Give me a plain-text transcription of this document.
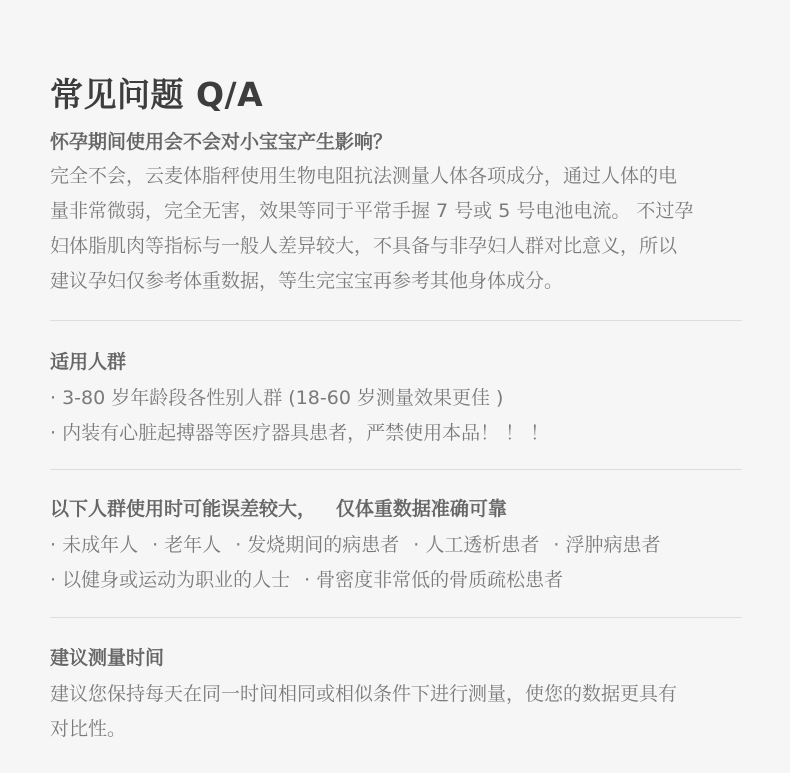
常见问题 Q/A
怀孕期间使用会不会对小宝宝产生影响？

完全不会，云麦体脂秤使用生物电阻抗法测量人体各项成分，通过人体的电

量非常微弱，完全无害，效果等同于平常手握 7 号或 5 号电池电流。 不过孕

妇体脂肌肉等指标与一般人差异较大，不具备与非孕妇人群对比意义，所以

建议孕妇仅参考体重数据，等生完宝宝再参考其他身体成分。

适用人群

· 3-80 岁年龄段各性别人群 (18-60 岁测量效果更佳 )

· 内装有心脏起搏器等医疗器具患者，严禁使用本品！ ！ ！

以下人群使用时可能误差较大，   仅体重数据准确可靠

· 未成年人 · 老年人 · 发烧期间的病患者 · 人工透析患者 · 浮肿病患者

· 以健身或运动为职业的人士 · 骨密度非常低的骨质疏松患者

建议测量时间

建议您保持每天在同一时间相同或相似条件下进行测量，使您的数据更具有

对比性。
